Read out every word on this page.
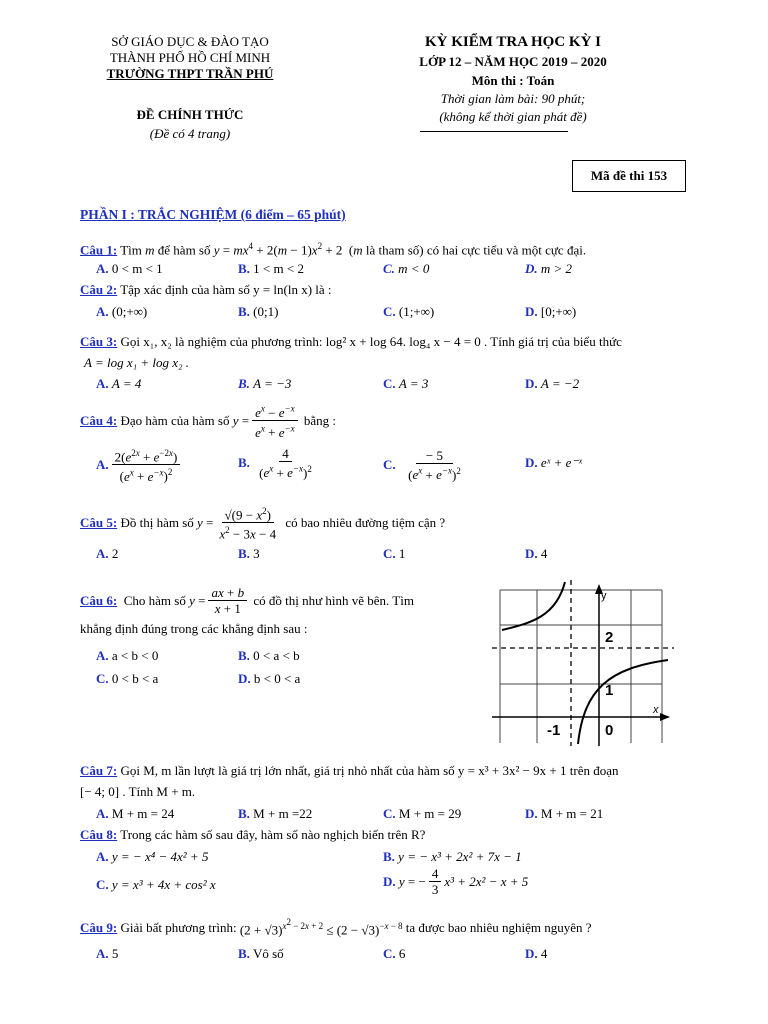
SỞ GIÁO DỤC & ĐÀO TẠO
THÀNH PHỐ HỒ CHÍ MINH
TRƯỜNG THPT TRẦN PHÚ
ĐỀ CHÍNH THỨC
(Đề có 4 trang)
KỲ KIỂM TRA HỌC KỲ I
LỚP 12 – NĂM HỌC 2019 – 2020
Môn thi : Toán
Thời gian làm bài: 90 phút;
(không kể thời gian phát đề)
Mã đề thi 153
PHẦN I : TRẮC NGHIỆM (6 điểm – 65 phút)
Câu 1: Tìm m để hàm số $y = mx^4 + 2(m - 1)x^2 + 2$  (m là tham số) có hai cực tiểu và một cực đại.
A. 0 < m < 1	B. 1 < m < 2	C. m < 0	D. m > 2
Câu 2: Tập xác định của hàm số y = ln(ln x) là :
A. (0;+∞)	B. (0;1)	C. (1;+∞)	D. [0;+∞)
Câu 3: Gọi x₁, x₂ là nghiệm của phương trình: log² x + log 64. log₄ x − 4 = 0 . Tính giá trị của biểu thức
A = log x₁ + log x₂ .
A. A = 4	B. A = −3	C. A = 3	D. A = −2
Câu 4:
Đạo hàm của hàm số
$y = \frac{e^x - e^{-x}}{e^x + e^{-x}}$
bằng :
A. $\frac{2(e^{2x} + e^{-2x})}{(e^x + e^{-x})^2}$	B.
$\frac{4}{(e^x + e^{-x})^2}$	C.
$\frac{- 5}{(e^x + e^{-x})^2}$	D. eˣ + e⁻ˣ
Câu 5:
Đồ thị hàm số
$y = \frac{√(9 - x^2)}{x^2 - 3x - 4}$
có bao nhiêu đường tiệm cận ?
A. 2	B. 3	C. 1	D. 4
Câu 6:
Cho hàm số
$y = \frac{ax + b}{x + 1}$
có đồ thị như hình vẽ bên. Tìm
khẳng định đúng trong các khẳng định sau :
A. a < b < 0	B. 0 < a < b
C. 0 < b < a	D. b < 0 < a
2
1
-1	0
y
x
Câu 7: Gọi M, m lần lượt là giá trị lớn nhất, giá trị nhỏ nhất của hàm số y = x³ + 3x² − 9x + 1 trên đoạn
[− 4; 0] . Tính M + m.
A. M + m = 24	B. M + m =22	C. M + m = 29	D. M + m = 21
Câu 8: Trong các hàm số sau đây, hàm số nào nghịch biến trên R?
A. y = − x⁴ − 4x² + 5	B. y = − x³ + 2x² + 7x − 1
C. y = x³ + 4x + cos² x	D.
y = − $\frac{4}{3} x^3 + 2x^2 - x + 5$
Câu 9:
Giải bất phương trình:
$(2 + √3)^{x^2 - 2x + 2} \le (2 - √3)^{-x - 8}$
ta được bao nhiêu nghiệm nguyên ?
A. 5	B. Vô số	C. 6	D. 4
